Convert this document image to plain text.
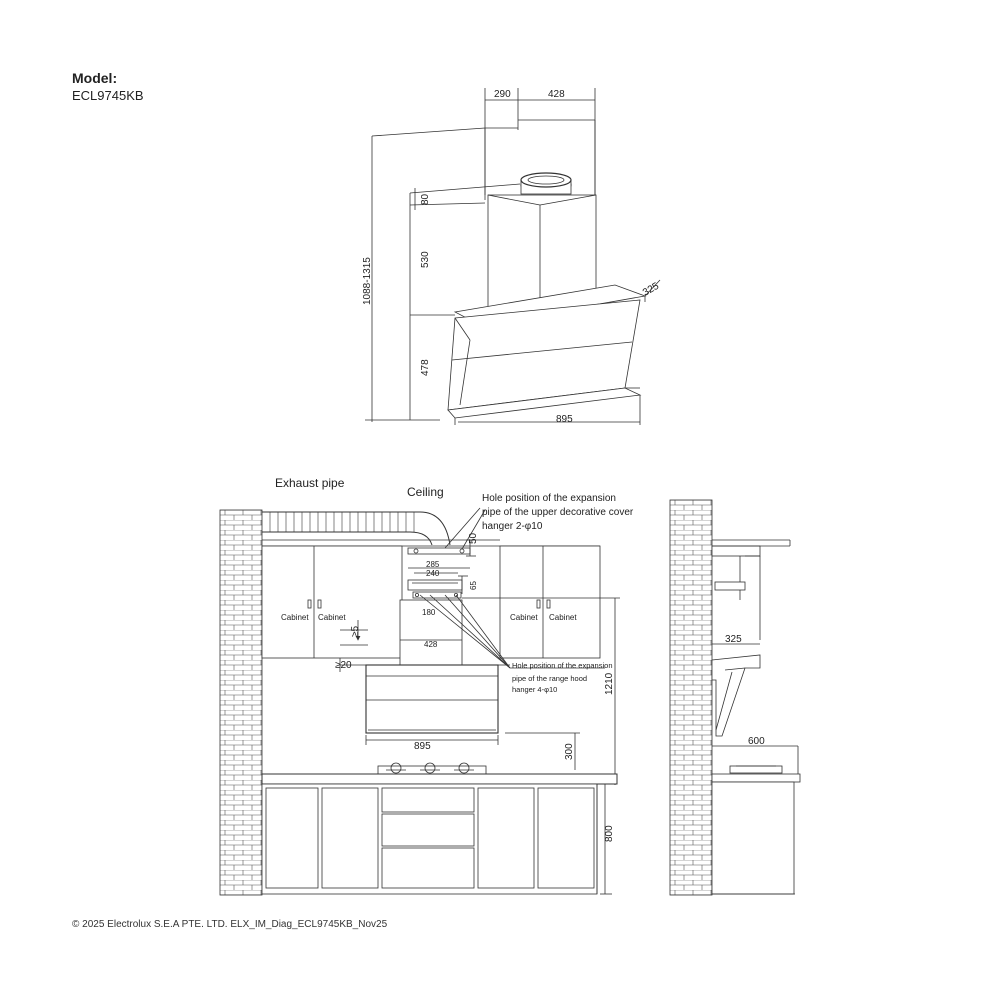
Model:
ECL9745KB	290	428
80
530
478
1088-1315	325
895
Exhaust pipe
Ceiling	Hole position of the expansion
pipe of the upper decorative cover
hanger 2-φ10
Cabinet Cabinet	Cabinet Cabinet
50
285
240
65
180
428
≥5
≥20	Hole position of the expansion
pipe of the range hood
hanger 4-φ10	1210
895	300
800
325
600
© 2025 Electrolux S.E.A PTE. LTD. ELX_IM_Diag_ECL9745KB_Nov25
